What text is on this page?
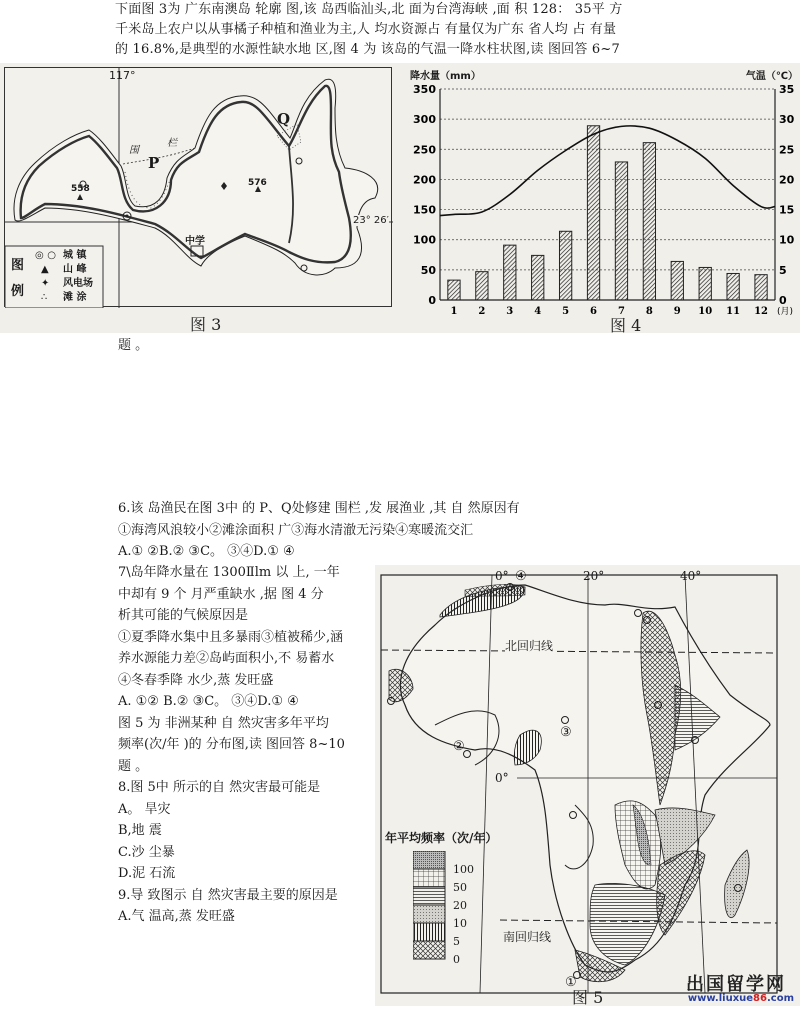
下面图 3为 广东南澳岛 轮廓 图,该 岛西临汕头,北 面为台湾海峡 ,面 积 128： 35平 方
千米岛上农户以从事橘子种植和渔业为主,人 均水资源占 有量仅为广东 省人均 占 有量
的 16.8%,是典型的水源性缺水地 区,图 4 为 该岛的气温一降水柱状图,读 图回答 6~7
117°
23° 26′
P
Q
围
栏
558
576
中学
图
例
◎ ○ 城 镇
▲ 山 峰
✦ 风电场
∴ 滩 涂
图 3
降水量（mm）	气温（℃）
0
50
100
150
200
250
300
350
0
5
10
15
20
25
30
35
1 2 3 4 5 6 7 8 9 10 11 12 (月)
图 4
题 。
6.该 岛渔民在图 3中 的 P、Q处修建 围栏 ,发 展渔业 ,其 自 然原因有
①海湾风浪较小②滩涂面积 广③海水清澈无污染④寒暖流交汇
A.① ②B.② ③C。 ③④D.① ④
7\岛年降水量在 1300Ⅱlm 以 上, 一年
中却有 9 个 月严重缺水 ,据 图 4 分
析其可能的气候原因是
①夏季降水集中且多暴雨③植被稀少,涵
养水源能力差②岛屿面积小,不 易蓄水
④冬春季降 水少,蒸 发旺盛
A. ①② B.② ③C。 ③④D.① ④
图 5 为 非洲某种 自 然灾害多年平均
频率(次/年 )的 分布图,读 图回答 8~10
题 。
8.图 5中 所示的自 然灾害最可能是
A。 旱灾
B,地 震
C.沙 尘暴
D.泥 石流
9.导 致图示 自 然灾害最主要的原因是
A.气 温高,蒸 发旺盛
0°	20°	40°
0°
北回归线
南回归线
①
②
③
④
年平均频率（次/年）
100
50
20
10
5
0
图 5
出国留学网
www.liuxue86.com
